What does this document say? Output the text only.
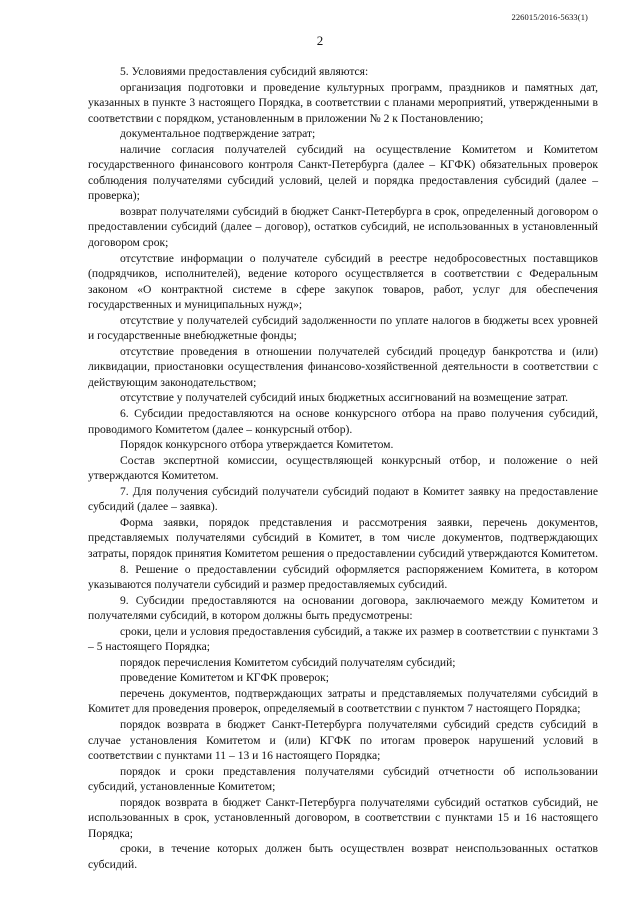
226015/2016-5633(1)
2

5. Условиями предоставления субсидий являются:

организация подготовки и проведение культурных программ, праздников и памятных дат, указанных в пункте 3 настоящего Порядка, в соответствии с планами мероприятий, утвержденными в соответствии с порядком, установленным в приложении № 2 к Постановлению;

документальное подтверждение затрат;

наличие согласия получателей субсидий на осуществление Комитетом и Комитетом государственного финансового контроля Санкт-Петербурга (далее – КГФК) обязательных проверок соблюдения получателями субсидий условий, целей и порядка предоставления субсидий (далее – проверка);

возврат получателями субсидий в бюджет Санкт-Петербурга в срок, определенный договором о предоставлении субсидий (далее – договор), остатков субсидий, не использованных в установленный договором срок;

отсутствие информации о получателе субсидий в реестре недобросовестных поставщиков (подрядчиков, исполнителей), ведение которого осуществляется в соответствии с Федеральным законом «О контрактной системе в сфере закупок товаров, работ, услуг для обеспечения государственных и муниципальных нужд»;

отсутствие у получателей субсидий задолженности по уплате налогов в бюджеты всех уровней и государственные внебюджетные фонды;

отсутствие проведения в отношении получателей субсидий процедур банкротства и (или) ликвидации, приостановки осуществления финансово-хозяйственной деятельности в соответствии с действующим законодательством;

отсутствие у получателей субсидий иных бюджетных ассигнований на возмещение затрат.

6. Субсидии предоставляются на основе конкурсного отбора на право получения субсидий, проводимого Комитетом (далее – конкурсный отбор).

Порядок конкурсного отбора утверждается Комитетом.

Состав экспертной комиссии, осуществляющей конкурсный отбор, и положение о ней утверждаются Комитетом.

7. Для получения субсидий получатели субсидий подают в Комитет заявку на предоставление субсидий (далее – заявка).

Форма заявки, порядок представления и рассмотрения заявки, перечень документов, представляемых получателями субсидий в Комитет, в том числе документов, подтверждающих затраты, порядок принятия Комитетом решения о предоставлении субсидий утверждаются Комитетом.

8. Решение о предоставлении субсидий оформляется распоряжением Комитета, в котором указываются получатели субсидий и размер предоставляемых субсидий.

9. Субсидии предоставляются на основании договора, заключаемого между Комитетом и получателями субсидий, в котором должны быть предусмотрены:

сроки, цели и условия предоставления субсидий, а также их размер в соответствии с пунктами 3 – 5 настоящего Порядка;

порядок перечисления Комитетом субсидий получателям субсидий;

проведение Комитетом и КГФК проверок;

перечень документов, подтверждающих затраты и представляемых получателями субсидий в Комитет для проведения проверок, определяемый в соответствии с пунктом 7 настоящего Порядка;

порядок возврата в бюджет Санкт-Петербурга получателями субсидий средств субсидий в случае установления Комитетом и (или) КГФК по итогам проверок нарушений условий в соответствии с пунктами 11 – 13 и 16 настоящего Порядка;

порядок и сроки представления получателями субсидий отчетности об использовании субсидий, установленные Комитетом;

порядок возврата в бюджет Санкт-Петербурга получателями субсидий остатков субсидий, не использованных в срок, установленный договором, в соответствии с пунктами 15 и 16 настоящего Порядка;

сроки, в течение которых должен быть осуществлен возврат неиспользованных остатков субсидий.
